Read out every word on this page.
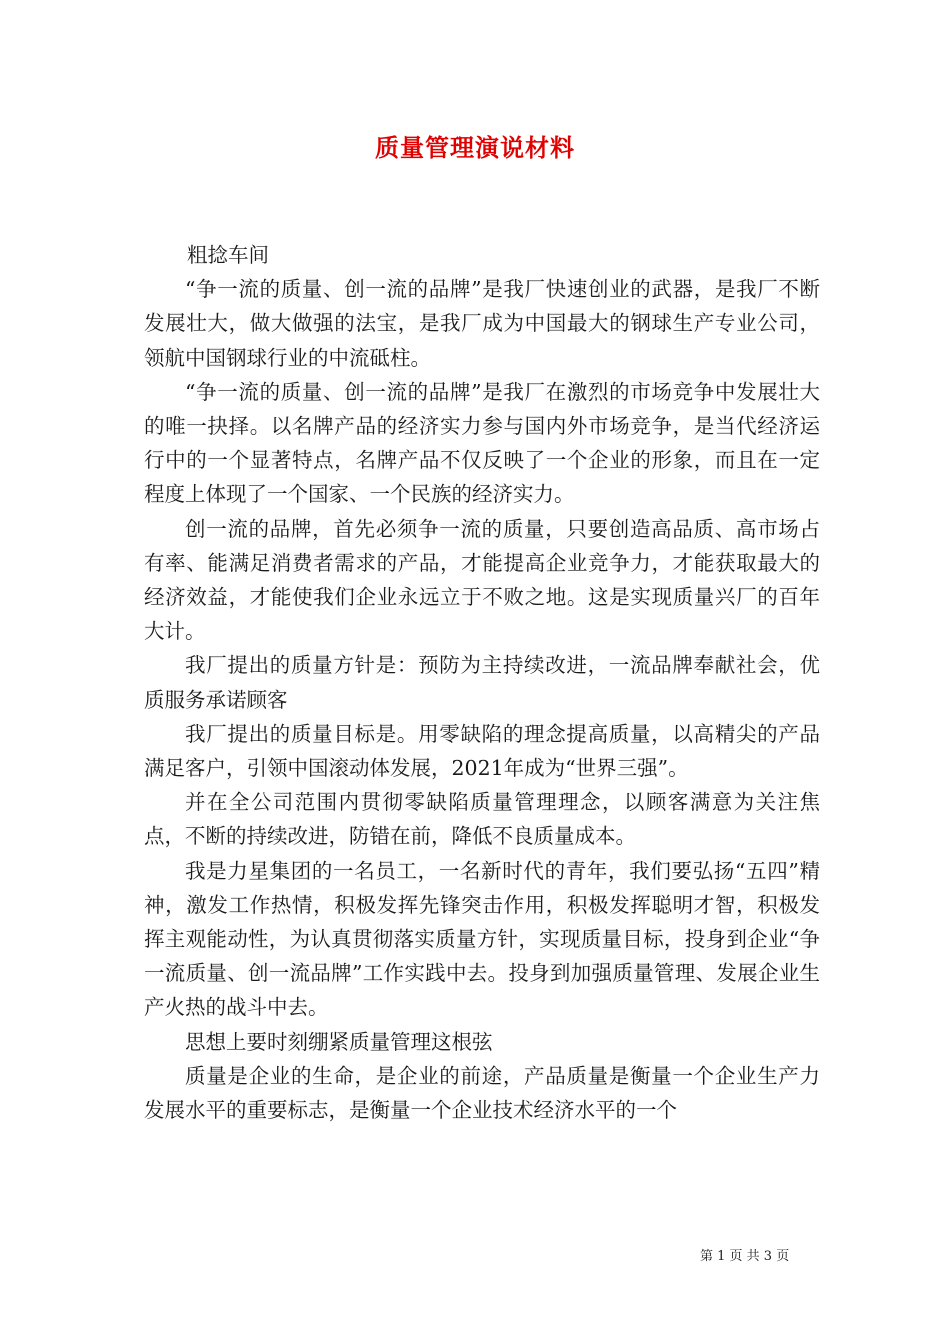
质量管理演说材料

粗捻车间

“争一流的质量、创一流的品牌”是我厂快速创业的武器，是我厂不断发展壮大，做大做强的法宝，是我厂成为中国最大的钢球生产专业公司，领航中国钢球行业的中流砥柱。

“争一流的质量、创一流的品牌”是我厂在激烈的市场竞争中发展壮大的唯一抉择。以名牌产品的经济实力参与国内外市场竞争，是当代经济运行中的一个显著特点，名牌产品不仅反映了一个企业的形象，而且在一定程度上体现了一个国家、一个民族的经济实力。

创一流的品牌，首先必须争一流的质量，只要创造高品质、高市场占有率、能满足消费者需求的产品，才能提高企业竞争力，才能获取最大的经济效益，才能使我们企业永远立于不败之地。这是实现质量兴厂的百年大计。

我厂提出的质量方针是：预防为主持续改进，一流品牌奉献社会，优质服务承诺顾客

我厂提出的质量目标是。用零缺陷的理念提高质量，以高精尖的产品满足客户，引领中国滚动体发展，2021年成为“世界三强”。

并在全公司范围内贯彻零缺陷质量管理理念，以顾客满意为关注焦点，不断的持续改进，防错在前，降低不良质量成本。

我是力星集团的一名员工，一名新时代的青年，我们要弘扬“五四”精神，激发工作热情，积极发挥先锋突击作用，积极发挥聪明才智，积极发挥主观能动性，为认真贯彻落实质量方针，实现质量目标，投身到企业“争一流质量、创一流品牌”工作实践中去。投身到加强质量管理、发展企业生产火热的战斗中去。

思想上要时刻绷紧质量管理这根弦

质量是企业的生命，是企业的前途，产品质量是衡量一个企业生产力发展水平的重要标志，是衡量一个企业技术经济水平的一个

第 1 页 共 3 页
